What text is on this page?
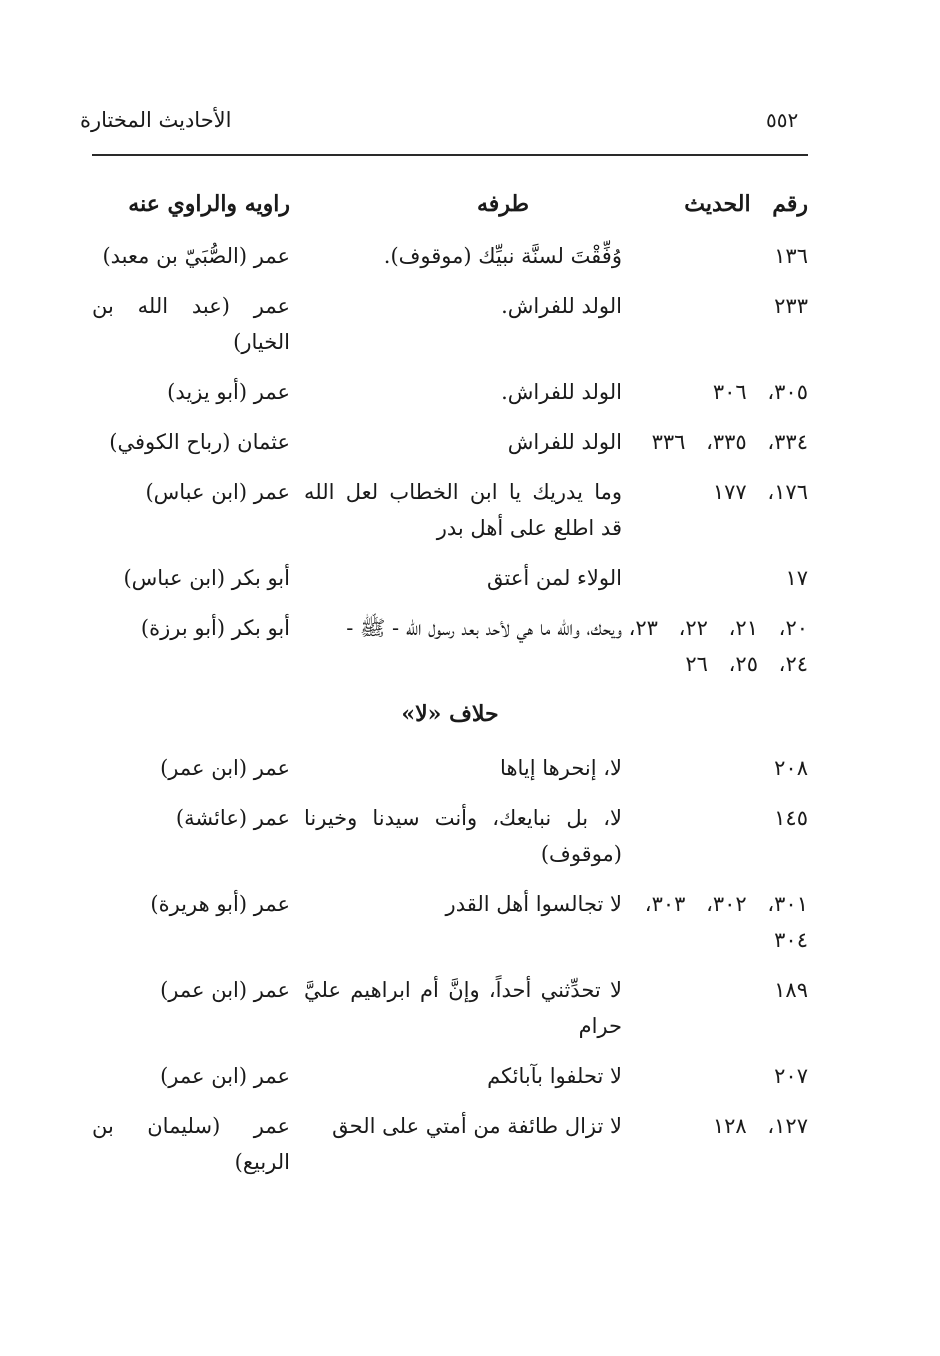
٥٥٢
الأحاديث المختارة
رقم الحديث
طرفه
راويه والراوي عنه
١٣٦
وُفِّقْتَ لسنَّة نبيِّك (موقوف).
عمر (الصُّبَيّ بن معبد)
٢٣٣
الولد للفراش.
عمر (عبد الله بن الخيار)
٣٠٥، ٣٠٦
الولد للفراش.
عمر (أبو يزيد)
٣٣٤، ٣٣٥، ٣٣٦
الولد للفراش
عثمان (رباح الكوفي)
١٧٦، ١٧٧
وما يدريك يا ابن الخطاب لعل الله قد اطلع على أهل بدر
عمر (ابن عباس)
١٧
الولاء لمن أعتق
أبو بكر (ابن عباس)
٢٠، ٢١، ٢٢، ٢٣، ٢٤، ٢٥، ٢٦
ويحك، والله ما هي لأحد بعد رسول الله - ﷺ -
أبو بكر (أبو برزة)
حلاف «لا»
٢٠٨
لا، إنحرها إياها
عمر (ابن عمر)
١٤٥
لا، بل نبايعك، وأنت سيدنا وخيرنا (موقوف)
عمر (عائشة)
٣٠١، ٣٠٢، ٣٠٣، ٣٠٤
لا تجالسوا أهل القدر
عمر (أبو هريرة)
١٨٩
لا تحدِّثني أحداً، وإنَّ أم ابراهيم عليَّ حرام
عمر (ابن عمر)
٢٠٧
لا تحلفوا بآبائكم
عمر (ابن عمر)
١٢٧، ١٢٨
لا تزال طائفة من أمتي على الحق
عمر (سليمان بن الربيع)
